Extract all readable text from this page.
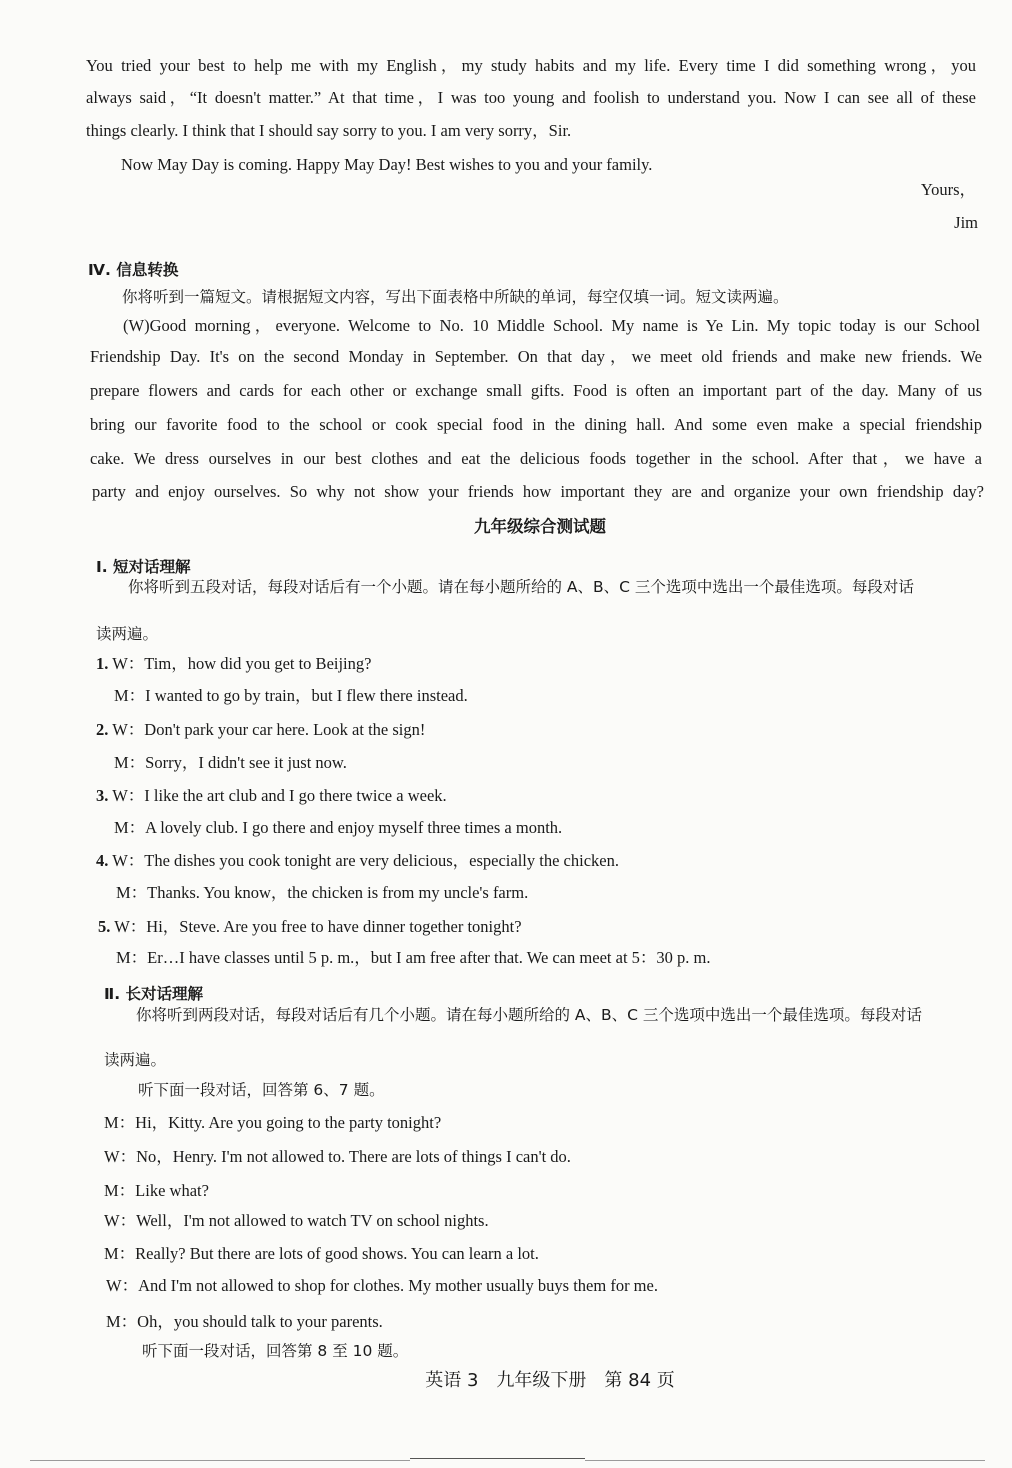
You tried your best to help me with my English，my study habits and my life. Every time I did something wrong，you
always said，“It doesn't matter.” At that time，I was too young and foolish to understand you. Now I can see all of these
things clearly. I think that I should say sorry to you. I am very sorry，Sir.
Now May Day is coming. Happy May Day! Best wishes to you and your family.
Yours，
Jim
Ⅳ. 信息转换
你将听到一篇短文。请根据短文内容，写出下面表格中所缺的单词，每空仅填一词。短文读两遍。
(W)Good morning，everyone. Welcome to No. 10 Middle School. My name is Ye Lin. My topic today is our School
Friendship Day. It's on the second Monday in September. On that day，we meet old friends and make new friends. We
prepare flowers and cards for each other or exchange small gifts. Food is often an important part of the day. Many of us
bring our favorite food to the school or cook special food in the dining hall. And some even make a special friendship
cake. We dress ourselves in our best clothes and eat the delicious foods together in the school. After that，we have a
party and enjoy ourselves. So why not show your friends how important they are and organize your own friendship day?
九年级综合测试题
Ⅰ. 短对话理解
你将听到五段对话，每段对话后有一个小题。请在每小题所给的 A、B、C 三个选项中选出一个最佳选项。每段对话
读两遍。
1. W：Tim，how did you get to Beijing?
M：I wanted to go by train，but I flew there instead.
2. W：Don't park your car here. Look at the sign!
M：Sorry，I didn't see it just now.
3. W：I like the art club and I go there twice a week.
M：A lovely club. I go there and enjoy myself three times a month.
4. W：The dishes you cook tonight are very delicious，especially the chicken.
M：Thanks. You know，the chicken is from my uncle's farm.
5. W：Hi，Steve. Are you free to have dinner together tonight?
M：Er…I have classes until 5 p. m.，but I am free after that. We can meet at 5：30 p. m.
Ⅱ. 长对话理解
你将听到两段对话，每段对话后有几个小题。请在每小题所给的 A、B、C 三个选项中选出一个最佳选项。每段对话
读两遍。
听下面一段对话，回答第 6、7 题。
M：Hi，Kitty. Are you going to the party tonight?
W：No，Henry. I'm not allowed to. There are lots of things I can't do.
M：Like what?
W：Well，I'm not allowed to watch TV on school nights.
M：Really? But there are lots of good shows. You can learn a lot.
W：And I'm not allowed to shop for clothes. My mother usually buys them for me.
M：Oh，you should talk to your parents.
听下面一段对话，回答第 8 至 10 题。
英语 3　九年级下册　第 84 页
